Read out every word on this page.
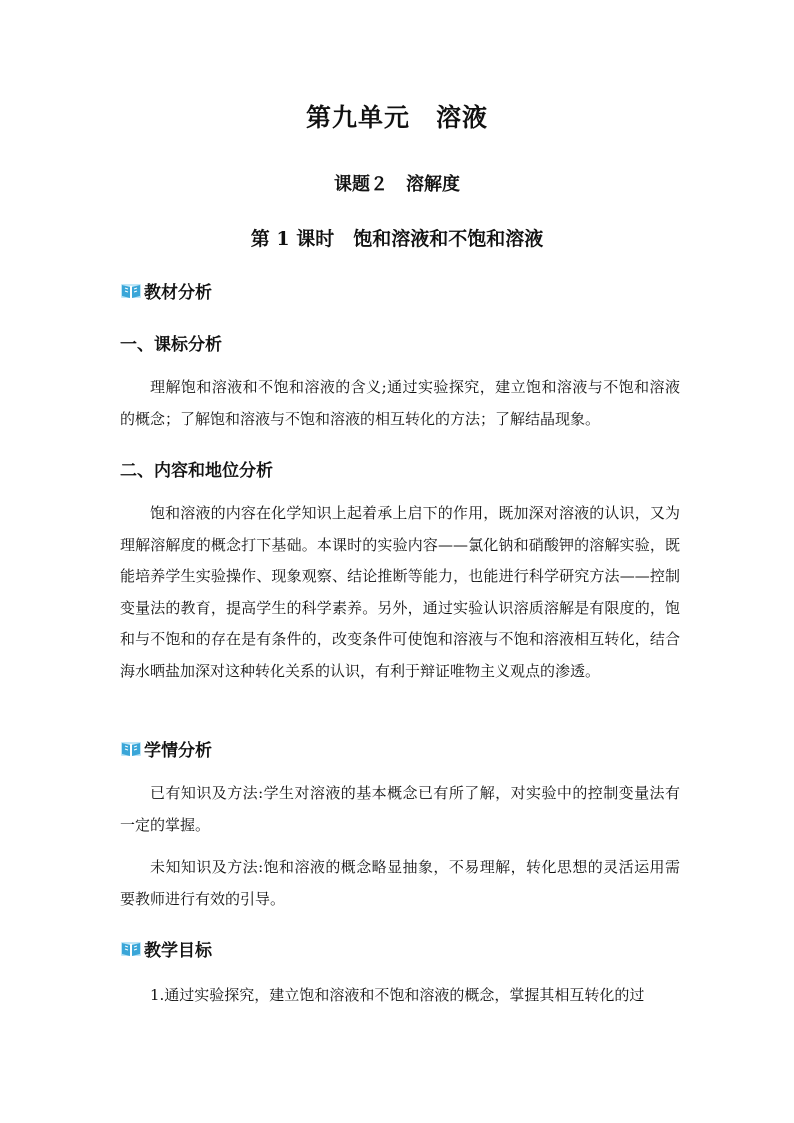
第九单元　溶液
课题２　溶解度
第 1 课时　饱和溶液和不饱和溶液
教材分析
一、课标分析
理解饱和溶液和不饱和溶液的含义;通过实验探究，建立饱和溶液与不饱和溶液的概念；了解饱和溶液与不饱和溶液的相互转化的方法；了解结晶现象。
二、内容和地位分析
饱和溶液的内容在化学知识上起着承上启下的作用，既加深对溶液的认识，又为理解溶解度的概念打下基础。本课时的实验内容——氯化钠和硝酸钾的溶解实验，既能培养学生实验操作、现象观察、结论推断等能力，也能进行科学研究方法——控制变量法的教育，提高学生的科学素养。另外，通过实验认识溶质溶解是有限度的，饱和与不饱和的存在是有条件的，改变条件可使饱和溶液与不饱和溶液相互转化，结合海水晒盐加深对这种转化关系的认识，有利于辩证唯物主义观点的渗透。
学情分析
已有知识及方法:学生对溶液的基本概念已有所了解，对实验中的控制变量法有一定的掌握。
未知知识及方法:饱和溶液的概念略显抽象，不易理解，转化思想的灵活运用需要教师进行有效的引导。
教学目标
1.通过实验探究，建立饱和溶液和不饱和溶液的概念，掌握其相互转化的过
